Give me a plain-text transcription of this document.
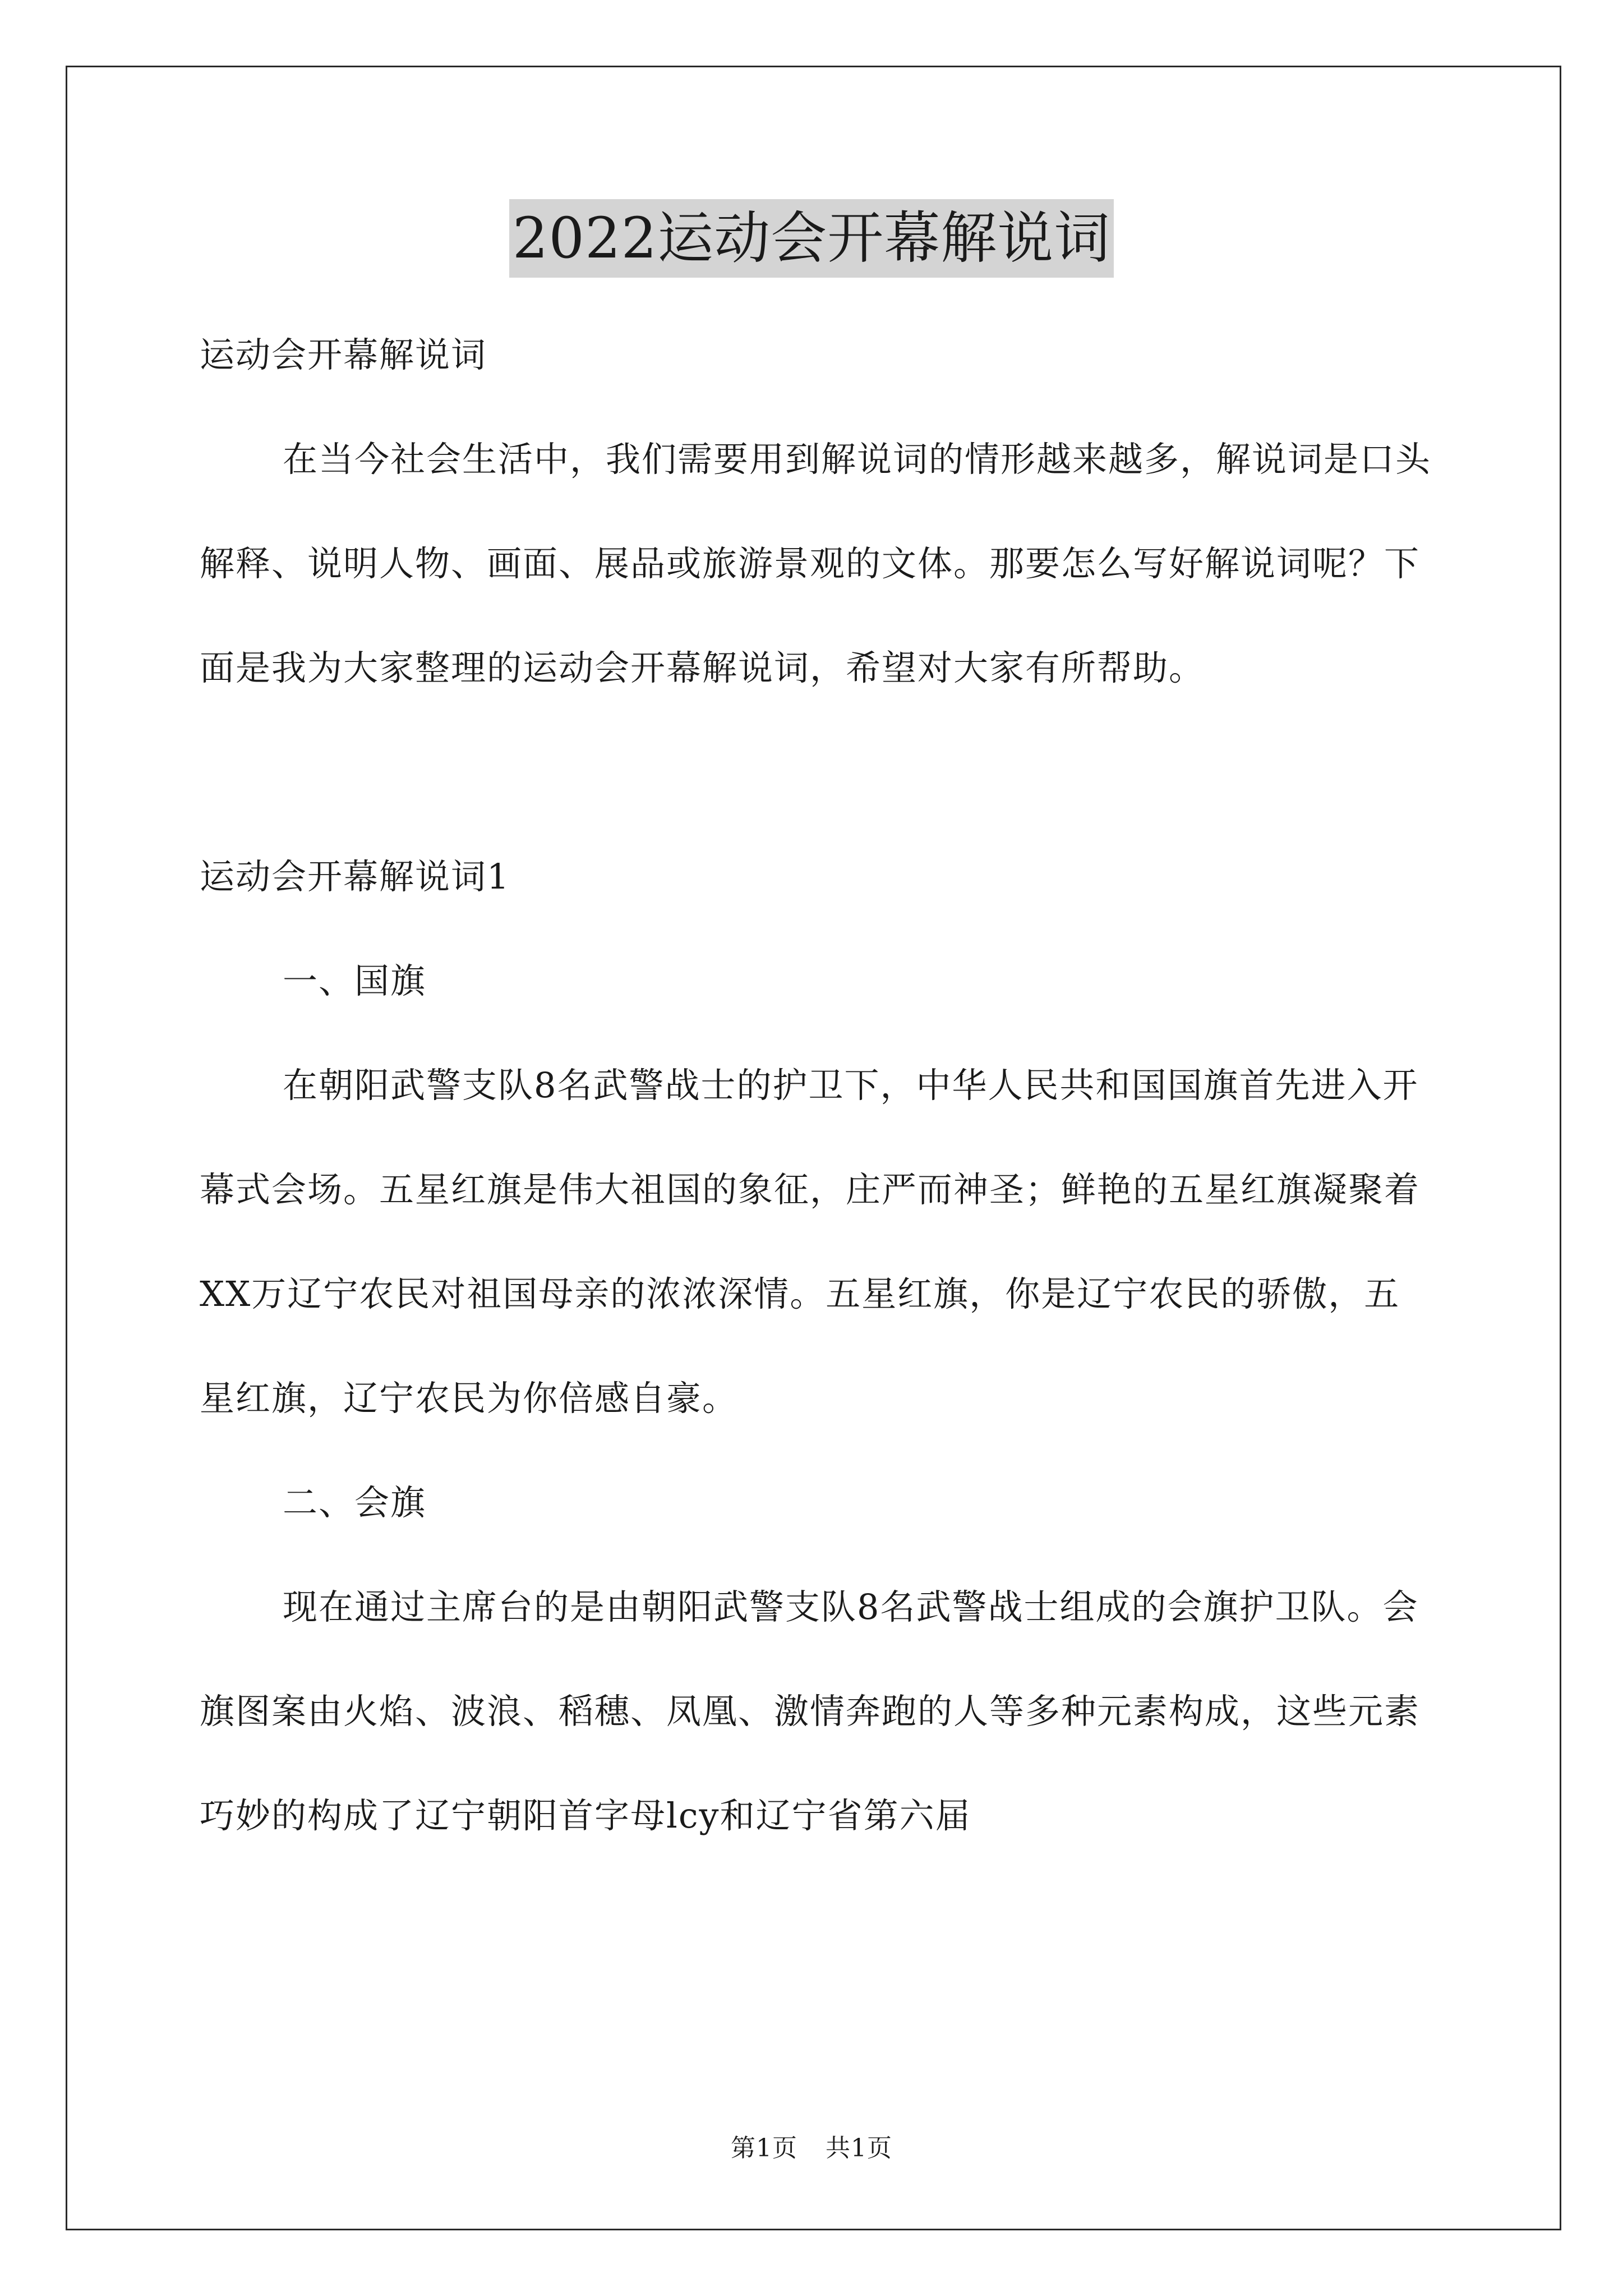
2022运动会开幕解说词

运动会开幕解说词

在当今社会生活中，我们需要用到解说词的情形越来越多，解说词是口头解释、说明人物、画面、展品或旅游景观的文体。那要怎么写好解说词呢？下面是我为大家整理的运动会开幕解说词，希望对大家有所帮助。

运动会开幕解说词1

一、国旗

在朝阳武警支队8名武警战士的护卫下，中华人民共和国国旗首先进入开幕式会场。五星红旗是伟大祖国的象征，庄严而神圣；鲜艳的五星红旗凝聚着XX万辽宁农民对祖国母亲的浓浓深情。五星红旗，你是辽宁农民的骄傲，五星红旗，辽宁农民为你倍感自豪。

二、会旗

现在通过主席台的是由朝阳武警支队8名武警战士组成的会旗护卫队。会旗图案由火焰、波浪、稻穗、凤凰、激情奔跑的人等多种元素构成，这些元素巧妙的构成了辽宁朝阳首字母lcy和辽宁省第六届

第1页 共1页
